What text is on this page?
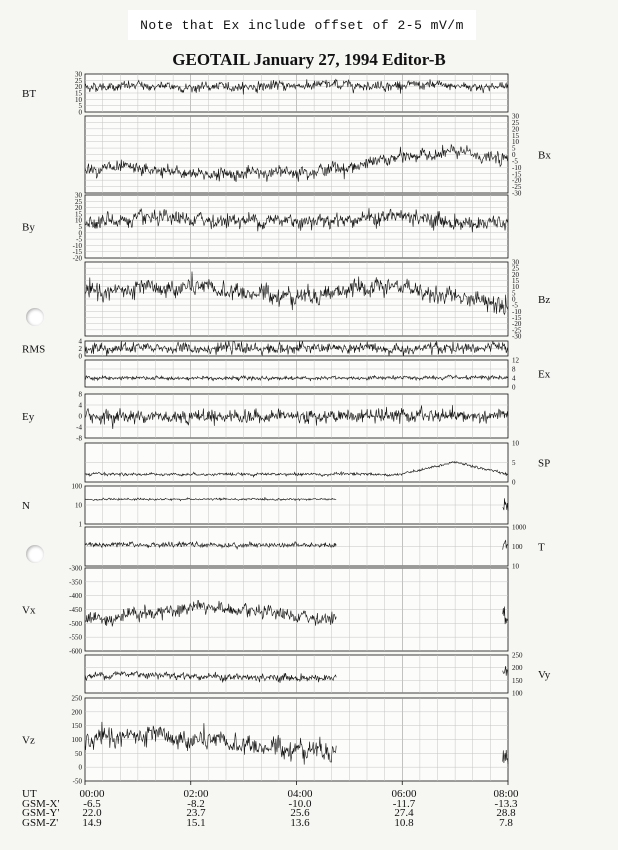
Note that Ex include offset of 2-5 mV/m
GEOTAIL January 27, 1994 Editor-B
30
25
20
15
10
5
0
BT
30
25
20
15
10
5
0
-5
-10
-15
-20
-25
-30
Bx
30
25
20
15
10
5
0
-5
-10
-15
-20
By
30
25
20
15
10
5
0
-5
-10
-15
-20
-25
-30
Bz
4
2
0
RMS
12
8
4
0
Ex
8
4
0
-4
-8
Ey
10
5
0
SP
100
10
1
N
1000
100
10
T
-300
-350
-400
-450
-500
-550
-600
Vx
250
200
150
100
Vy
250
200
150
100
50
0
-50
Vz
UT	00:00	02:00	04:00	06:00	08:00
GSM-X' -6.5	-8.2	-10.0	-11.7	-13.3
GSM-Y' 22.0	23.7	25.6	27.4	28.8
GSM-Z' 14.9	15.1	13.6	10.8	7.8
